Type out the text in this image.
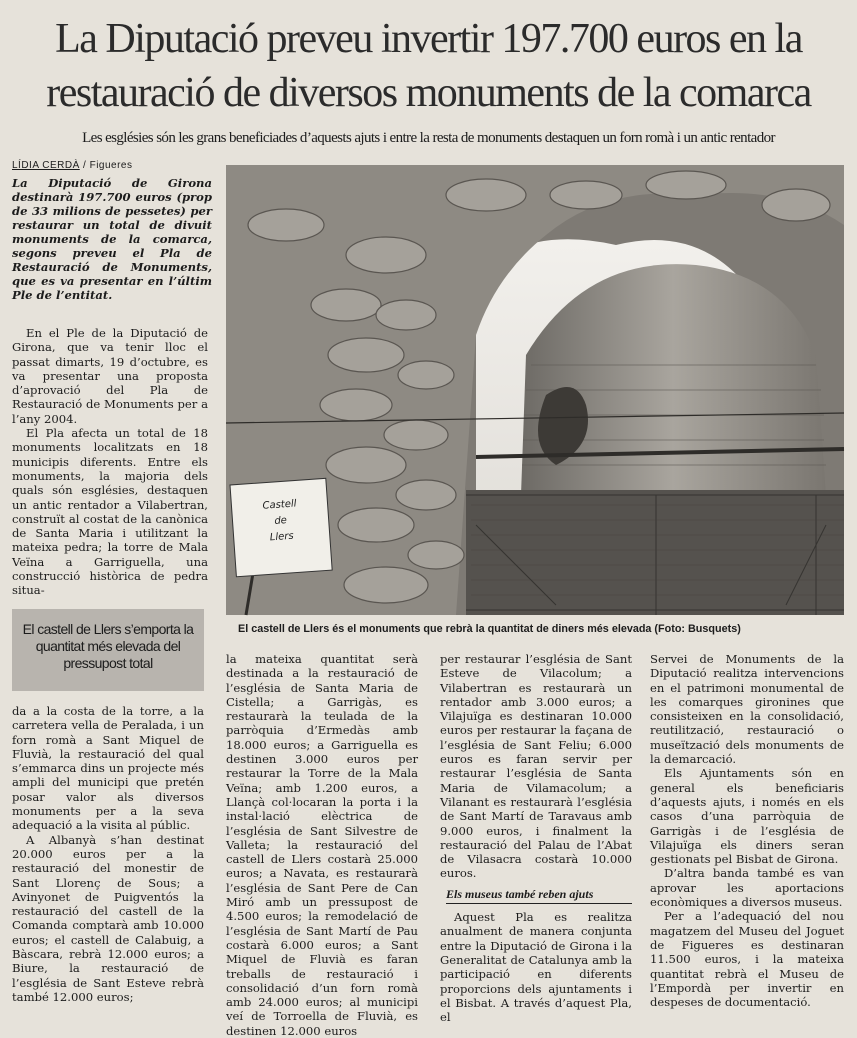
La Diputació preveu invertir 197.700 euros en la
restauració de diversos monuments de la comarca
Les esglésies són les grans beneficiades d’aquests ajuts i entre la resta de monuments destaquen un forn romà i un antic rentador
LÍDIA CERDÀ / Figueres
La Diputació de Girona destinarà 197.700 euros (prop de 33 milions de pessetes) per restaurar un total de divuit monuments de la comarca, segons preveu el Pla de Restauració de Monuments, que es va presentar en l’últim Ple de l’entitat.

En el Ple de la Diputació de Girona, que va tenir lloc el passat dimarts, 19 d’octubre, es va presentar una proposta d’aprovació del Pla de Restauració de Monuments per a l’any 2004.

El Pla afecta un total de 18 monuments localitzats en 18 municipis diferents. Entre els monuments, la majoria dels quals són esglésies, destaquen un antic rentador a Vilabertran, construït al costat de la canònica de Santa Maria i utilitzant la mateixa pedra; la torre de Mala Veïna a Garriguella, una construcció històrica de pedra situa-

Castell
de
Llers
El castell de Llers és el monuments que rebrà la quantitat de diners més elevada (Foto: Busquets)
El castell de Llers s’emporta la quantitat més elevada del pressupost total

da a la costa de la torre, a la carretera vella de Peralada, i un forn romà a Sant Miquel de Fluvià, la restauració del qual s’emmarca dins un projecte més ampli del municipi que pretén posar valor als diversos monuments per a la seva adequació a la visita al públic.

A Albanyà s’han destinat 20.000 euros per a la restauració del monestir de Sant Llorenç de Sous; a Avinyonet de Puigventós la restauració del castell de la Comanda comptarà amb 10.000 euros; el castell de Calabuig, a Bàscara, rebrà 12.000 euros; a Biure, la restauració de l’església de Sant Esteve rebrà també 12.000 euros;

la mateixa quantitat serà destinada a la restauració de l’església de Santa Maria de Cistella; a Garrigàs, es restaurarà la teulada de la parròquia d’Ermedàs amb 18.000 euros; a Garriguella es destinen 3.000 euros per restaurar la Torre de la Mala Veïna; amb 1.200 euros, a Llançà col·locaran la porta i la instal·lació elèctrica de l’església de Sant Silvestre de Valleta; la restauració del castell de Llers costarà 25.000 euros; a Navata, es restaurarà l’església de Sant Pere de Can Miró amb un pressupost de 4.500 euros; la remodelació de l’església de Sant Martí de Pau costarà 6.000 euros; a Sant Miquel de Fluvià es faran treballs de restauració i consolidació d’un forn romà amb 24.000 euros; al municipi veí de Torroella de Fluvià, es destinen 12.000 euros

per restaurar l’església de Sant Esteve de Vilacolum; a Vilabertran es restaurarà un rentador amb 3.000 euros; a Vilajuïga es destinaran 10.000 euros per restaurar la façana de l’església de Sant Feliu; 6.000 euros es faran servir per restaurar l’església de Santa Maria de Vilamacolum; a Vilanant es restaurarà l’església de Sant Martí de Taravaus amb 9.000 euros, i finalment la restauració del Palau de l’Abat de Vilasacra costarà 10.000 euros.

Els museus també reben ajuts

Aquest Pla es realitza anualment de manera conjunta entre la Diputació de Girona i la Generalitat de Catalunya amb la participació en diferents proporcions dels ajuntaments i el Bisbat. A través d’aquest Pla, el

Servei de Monuments de la Diputació realitza intervencions en el patrimoni monumental de les comarques gironines que consisteixen en la consolidació, reutilització, restauració o museïtzació dels monuments de la demarcació.

Els Ajuntaments són en general els beneficiaris d’aquests ajuts, i només en els casos d’una parròquia de Garrigàs i de l’església de Vilajuïga els diners seran gestionats pel Bisbat de Girona.

D’altra banda també es van aprovar les aportacions econòmiques a diversos museus.

Per a l’adequació del nou magatzem del Museu del Joguet de Figueres es destinaran 11.500 euros, i la mateixa quantitat rebrà el Museu de l’Empordà per invertir en despeses de documentació.
